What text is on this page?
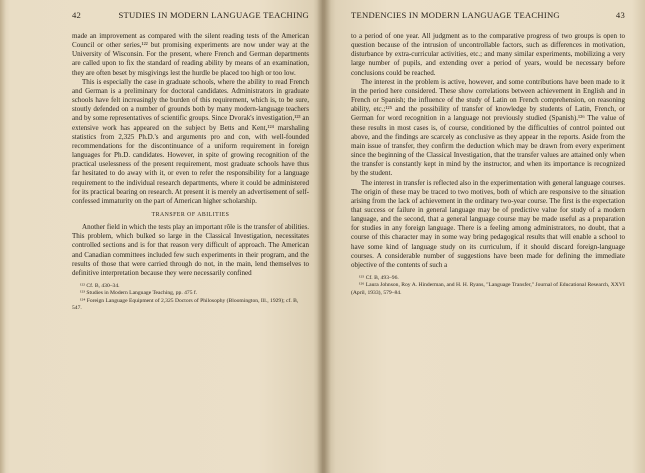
42	STUDIES IN MODERN LANGUAGE TEACHING

made an improvement as compared with the silent reading tests of the American Council or other series,¹²² but promising experiments are now under way at the University of Wisconsin. For the present, where French and German departments are called upon to fix the standard of reading ability by means of an examination, they are often beset by misgivings lest the hurdle be placed too high or too low.

This is especially the case in graduate schools, where the ability to read French and German is a preliminary for doctoral candidates. Administrators in graduate schools have felt increasingly the burden of this requirement, which is, to be sure, stoutly defended on a number of grounds both by many modern-language teachers and by some representatives of scientific groups. Since Dvorak's investigation,¹²³ an extensive work has appeared on the subject by Betts and Kent,¹²⁴ marshaling statistics from 2,325 Ph.D.'s and arguments pro and con, with well-founded recommendations for the discontinuance of a uniform requirement in foreign languages for Ph.D. candidates. However, in spite of growing recognition of the practical uselessness of the present requirement, most graduate schools have thus far hesitated to do away with it, or even to refer the responsibility for a language requirement to the individual research departments, where it could be administered for its practical bearing on research. At present it is merely an advertisement of self-confessed immaturity on the part of American higher scholarship.

TRANSFER OF ABILITIES

Another field in which the tests play an important rôle is the transfer of abilities. This problem, which bulked so large in the Classical Investigation, necessitates controlled sections and is for that reason very difficult of approach. The American and Canadian committees included few such experiments in their program, and the results of those that were carried through do not, in the main, lend themselves to definitive interpretation because they were necessarily confined

¹²² Cf. B, 430–34.
¹²³ Studies in Modern Language Teaching, pp. 475 f.
¹²⁴ Foreign Language Equipment of 2,325 Doctors of Philosophy (Bloomington, Ill., 1929); cf. B, 547.
TENDENCIES IN MODERN LANGUAGE TEACHING	43

to a period of one year. All judgment as to the comparative progress of two groups is open to question because of the intrusion of uncontrollable factors, such as differences in motivation, disturbance by extra-curricular activities, etc.; and many similar experiments, mobilizing a very large number of pupils, and extending over a period of years, would be necessary before conclusions could be reached.

The interest in the problem is active, however, and some contributions have been made to it in the period here considered. These show correlations between achievement in English and in French or Spanish; the influence of the study of Latin on French comprehension, on reasoning ability, etc.;¹²⁵ and the possibility of transfer of knowledge by students of Latin, French, or German for word recognition in a language not previously studied (Spanish).¹²⁶ The value of these results in most cases is, of course, conditioned by the difficulties of control pointed out above, and the findings are scarcely as conclusive as they appear in the reports. Aside from the main issue of transfer, they confirm the deduction which may be drawn from every experiment since the beginning of the Classical Investigation, that the transfer values are attained only when the transfer is constantly kept in mind by the instructor, and when its importance is recognized by the student.

The interest in transfer is reflected also in the experimentation with general language courses. The origin of these may be traced to two motives, both of which are responsive to the situation arising from the lack of achievement in the ordinary two-year course. The first is the expectation that success or failure in general language may be of predictive value for study of a modern language, and the second, that a general language course may be made useful as a preparation for studies in any foreign language. There is a feeling among administrators, no doubt, that a course of this character may in some way bring pedagogical results that will enable a school to have some kind of language study on its curriculum, if it should discard foreign-language courses. A considerable number of suggestions have been made for defining the immediate objective of the contents of such a

¹²⁵ Cf. B, 493–96.
¹²⁶ Laura Johnson, Roy A. Hinderman, and H. H. Ryans, "Language Transfer," Journal of Educational Research, XXVI (April, 1933), 579–84.
